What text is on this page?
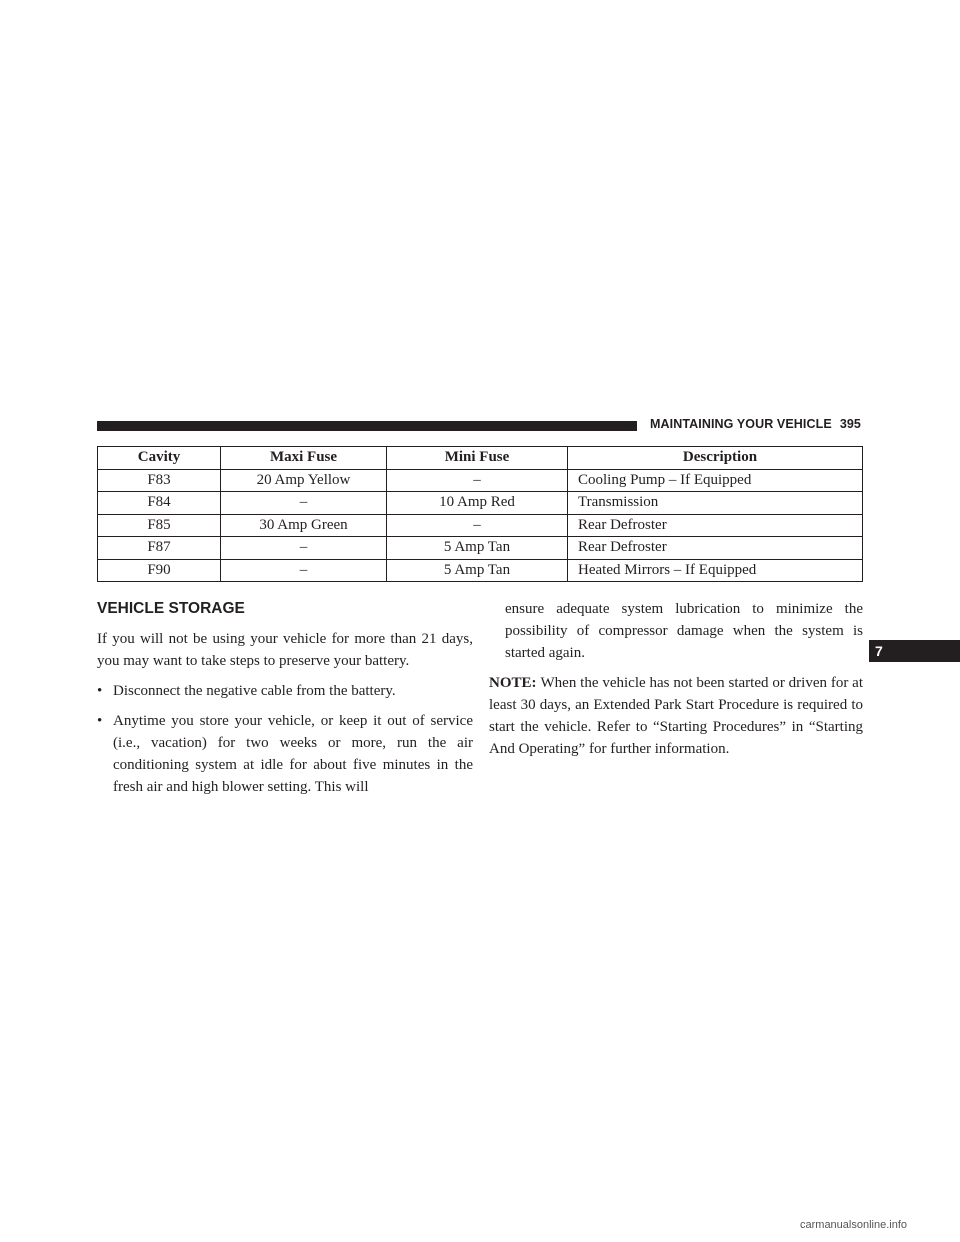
MAINTAINING YOUR VEHICLE 395
Cavity	Maxi Fuse	Mini Fuse	Description
F83	20 Amp Yellow	–	Cooling Pump – If Equipped
F84	–	10 Amp Red	Transmission
F85	30 Amp Green	–	Rear Defroster
F87	–	5 Amp Tan	Rear Defroster
F90	–	5 Amp Tan	Heated Mirrors – If Equipped
VEHICLE STORAGE

If you will not be using your vehicle for more than 21 days, you may want to take steps to preserve your battery.

• Disconnect the negative cable from the battery.
• Anytime you store your vehicle, or keep it out of service (i.e., vacation) for two weeks or more, run the air conditioning system at idle for about five minutes in the fresh air and high blower setting. This will
ensure adequate system lubrication to minimize the possibility of compressor damage when the system is started again.

NOTE: When the vehicle has not been started or driven for at least 30 days, an Extended Park Start Procedure is required to start the vehicle. Refer to “Starting Procedures” in “Starting And Operating” for further information.

7
carmanualsonline.info
